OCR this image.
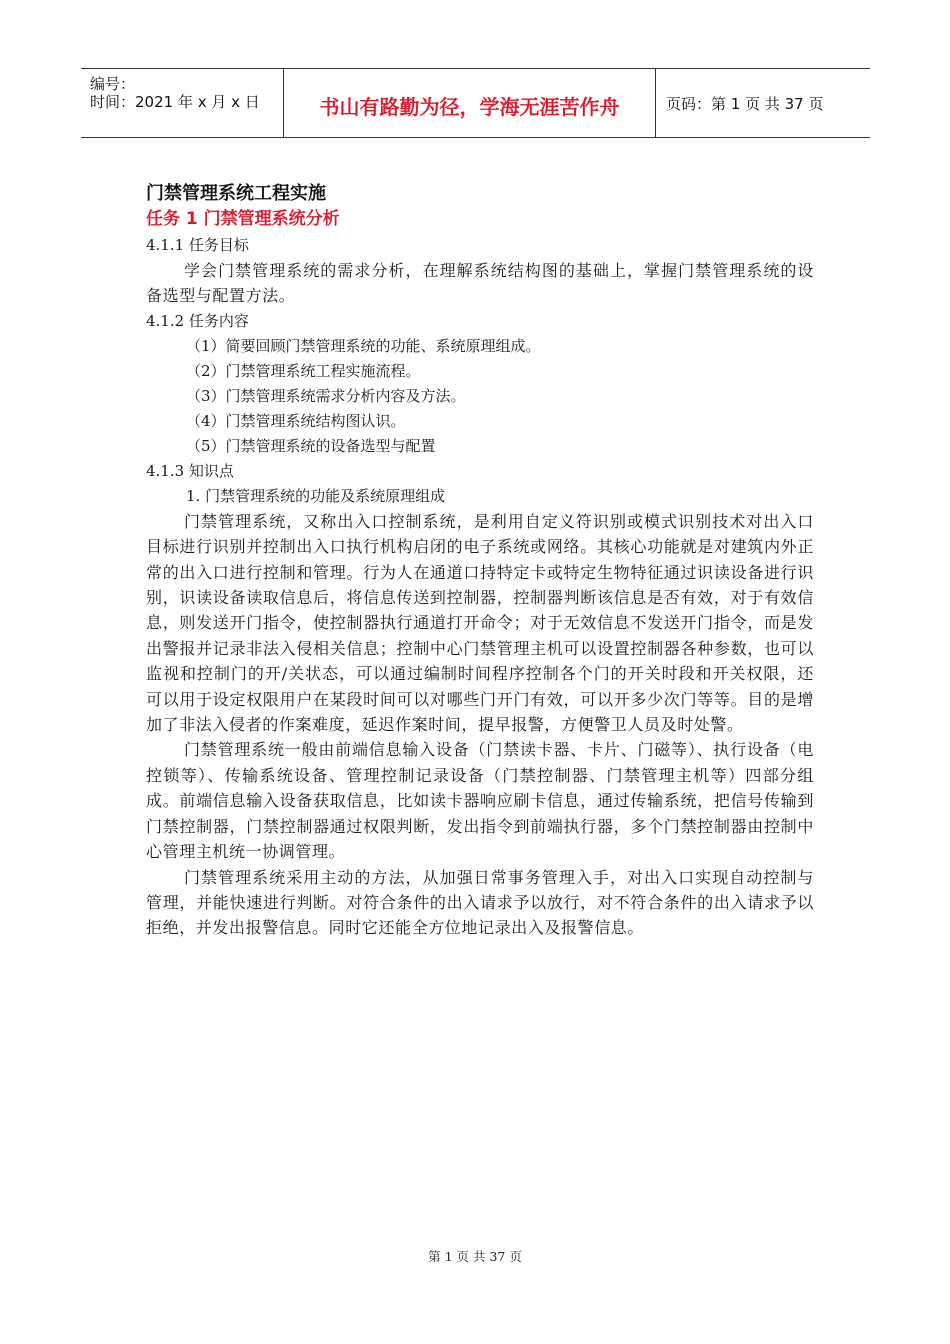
编号：
时间：2021 年 x 月 x 日	书山有路勤为径，学海无涯苦作舟	页码：第 1 页 共 37 页
门禁管理系统工程实施
任务 1 门禁管理系统分析
4.1.1 任务目标

学会门禁管理系统的需求分析，在理解系统结构图的基础上，掌握门禁管理系统的设备选型与配置方法。

4.1.2 任务内容
（1）简要回顾门禁管理系统的功能、系统原理组成。
（2）门禁管理系统工程实施流程。
（3）门禁管理系统需求分析内容及方法。
（4）门禁管理系统结构图认识。
（5）门禁管理系统的设备选型与配置
4.1.3 知识点
1. 门禁管理系统的功能及系统原理组成

门禁管理系统，又称出入口控制系统，是利用自定义符识别或模式识别技术对出入口目标进行识别并控制出入口执行机构启闭的电子系统或网络。其核心功能就是对建筑内外正常的出入口进行控制和管理。行为人在通道口持特定卡或特定生物特征通过识读设备进行识别，识读设备读取信息后，将信息传送到控制器，控制器判断该信息是否有效，对于有效信息，则发送开门指令，使控制器执行通道打开命令；对于无效信息不发送开门指令，而是发出警报并记录非法入侵相关信息；控制中心门禁管理主机可以设置控制器各种参数，也可以监视和控制门的开/关状态，可以通过编制时间程序控制各个门的开关时段和开关权限，还可以用于设定权限用户在某段时间可以对哪些门开门有效，可以开多少次门等等。目的是增加了非法入侵者的作案难度，延迟作案时间，提早报警，方便警卫人员及时处警。

门禁管理系统一般由前端信息输入设备（门禁读卡器、卡片、门磁等）、执行设备（电控锁等）、传输系统设备、管理控制记录设备（门禁控制器、门禁管理主机等）四部分组成。前端信息输入设备获取信息，比如读卡器响应刷卡信息，通过传输系统，把信号传输到门禁控制器，门禁控制器通过权限判断，发出指令到前端执行器，多个门禁控制器由控制中心管理主机统一协调管理。

门禁管理系统采用主动的方法，从加强日常事务管理入手，对出入口实现自动控制与管理，并能快速进行判断。对符合条件的出入请求予以放行，对不符合条件的出入请求予以拒绝，并发出报警信息。同时它还能全方位地记录出入及报警信息。

第 1 页 共 37 页
